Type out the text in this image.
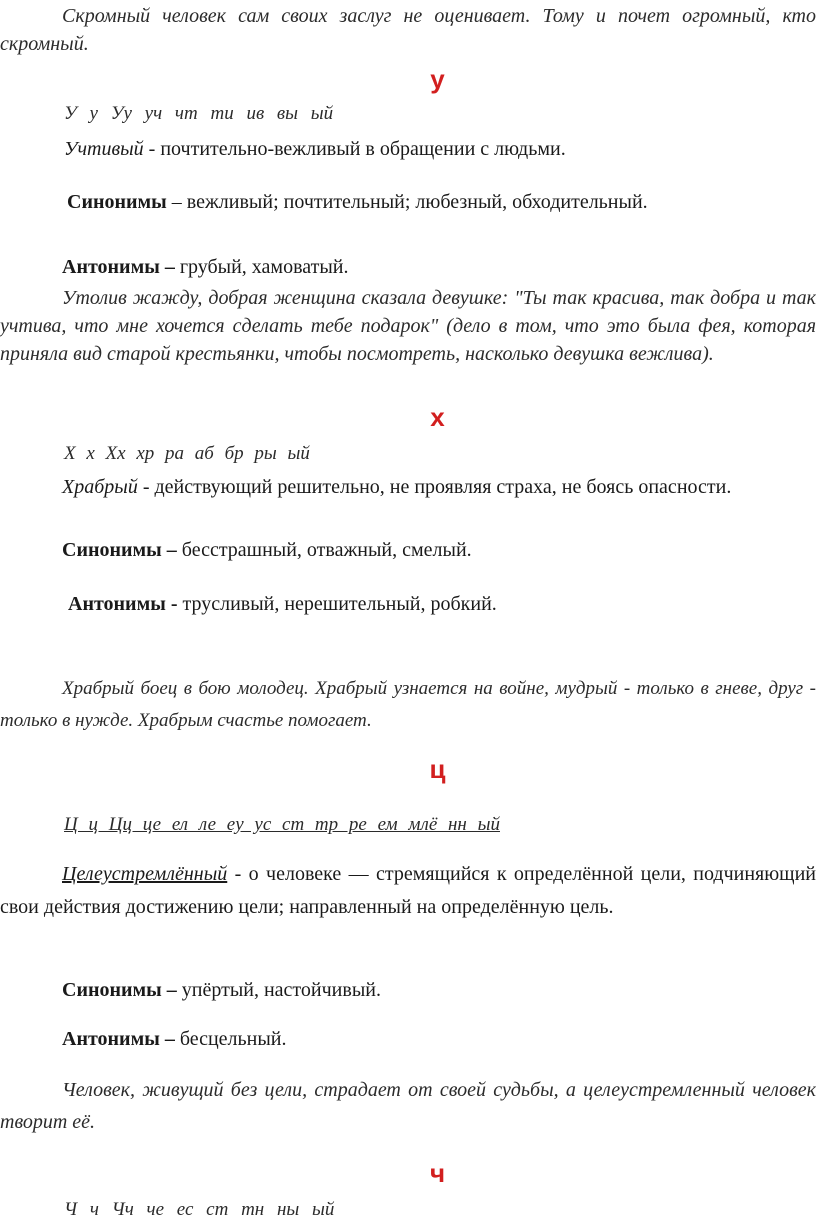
Скромный человек сам своих заслуг не оценивает. Тому и почет огромный, кто скромный.

у

У у Уу уч чт ти ив вы ый

Учтивый - почтительно-вежливый в обращении с людьми.

Синонимы – вежливый; почтительный; любезный, обходительный.

Антонимы – грубый, хамоватый.

Утолив жажду, добрая женщина сказала девушке: "Ты так красива, так добра и так учтива, что мне хочется сделать тебе подарок" (дело в том, что это была фея, которая приняла вид старой крестьянки, чтобы посмотреть, насколько девушка вежлива).

х

Х х Хх хр ра аб бр ры ый

Храбрый - действующий решительно, не проявляя страха, не боясь опасности.

Синонимы – бесстрашный, отважный, смелый.

Антонимы - трусливый, нерешительный, робкий.

Храбрый боец в бою молодец. Храбрый узнается на войне, мудрый - только в гневе, друг - только в нужде. Храбрым счастье помогает.

ц

Ц ц Цц це ел ле еу ус ст тр ре ем млё нн ый

Целеустремлённый - о человеке — стремящийся к определённой цели, подчиняющий свои действия достижению цели; направленный на определённую цель.

Синонимы – упёртый, настойчивый.

Антонимы – бесцельный.

Человек, живущий без цели, страдает от своей судьбы, а целеустремленный человек творит её.

ч

Ч ч Чч че ес ст тн ны ый
